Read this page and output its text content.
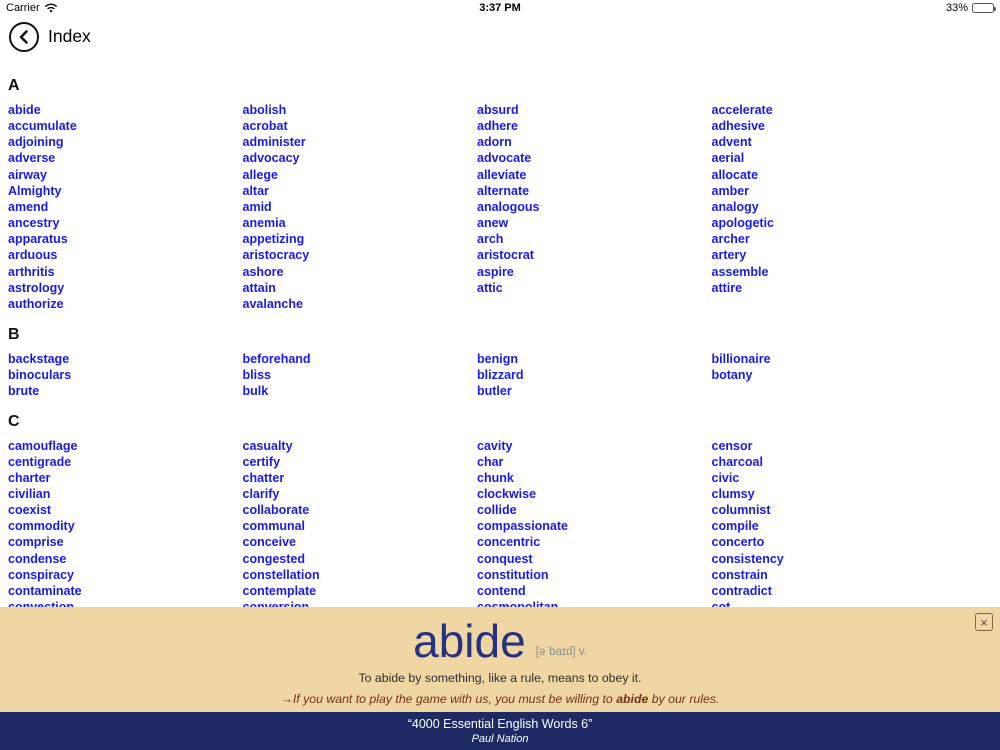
Carrier	3:37 PM	33%
Index
A
abide
accumulate
adjoining
adverse
airway
Almighty
amend
ancestry
apparatus
arduous
arthritis
astrology
authorize
abolish
acrobat
administer
advocacy
allege
altar
amid
anemia
appetizing
aristocracy
ashore
attain
avalanche
absurd
adhere
adorn
advocate
alleviate
alternate
analogous
anew
arch
aristocrat
aspire
attic
accelerate
adhesive
advent
aerial
allocate
amber
analogy
apologetic
archer
artery
assemble
attire
B
backstage
binoculars
brute
beforehand
bliss
bulk
benign
blizzard
butler
billionaire
botany
C
camouflage
centigrade
charter
civilian
coexist
commodity
comprise
condense
conspiracy
contaminate
casualty
certify
chatter
clarify
collaborate
communal
conceive
congested
constellation
contemplate
cavity
char
chunk
clockwise
collide
compassionate
concentric
conquest
constitution
contend
censor
charcoal
civic
clumsy
columnist
compile
concerto
consistency
constrain
contradict
×
abide [əˈbaɪd] v.
To abide by something, like a rule, means to obey it.
→If you want to play the game with us, you must be willing to abide by our rules.
“4000 Essential English Words 6”
Paul Nation
